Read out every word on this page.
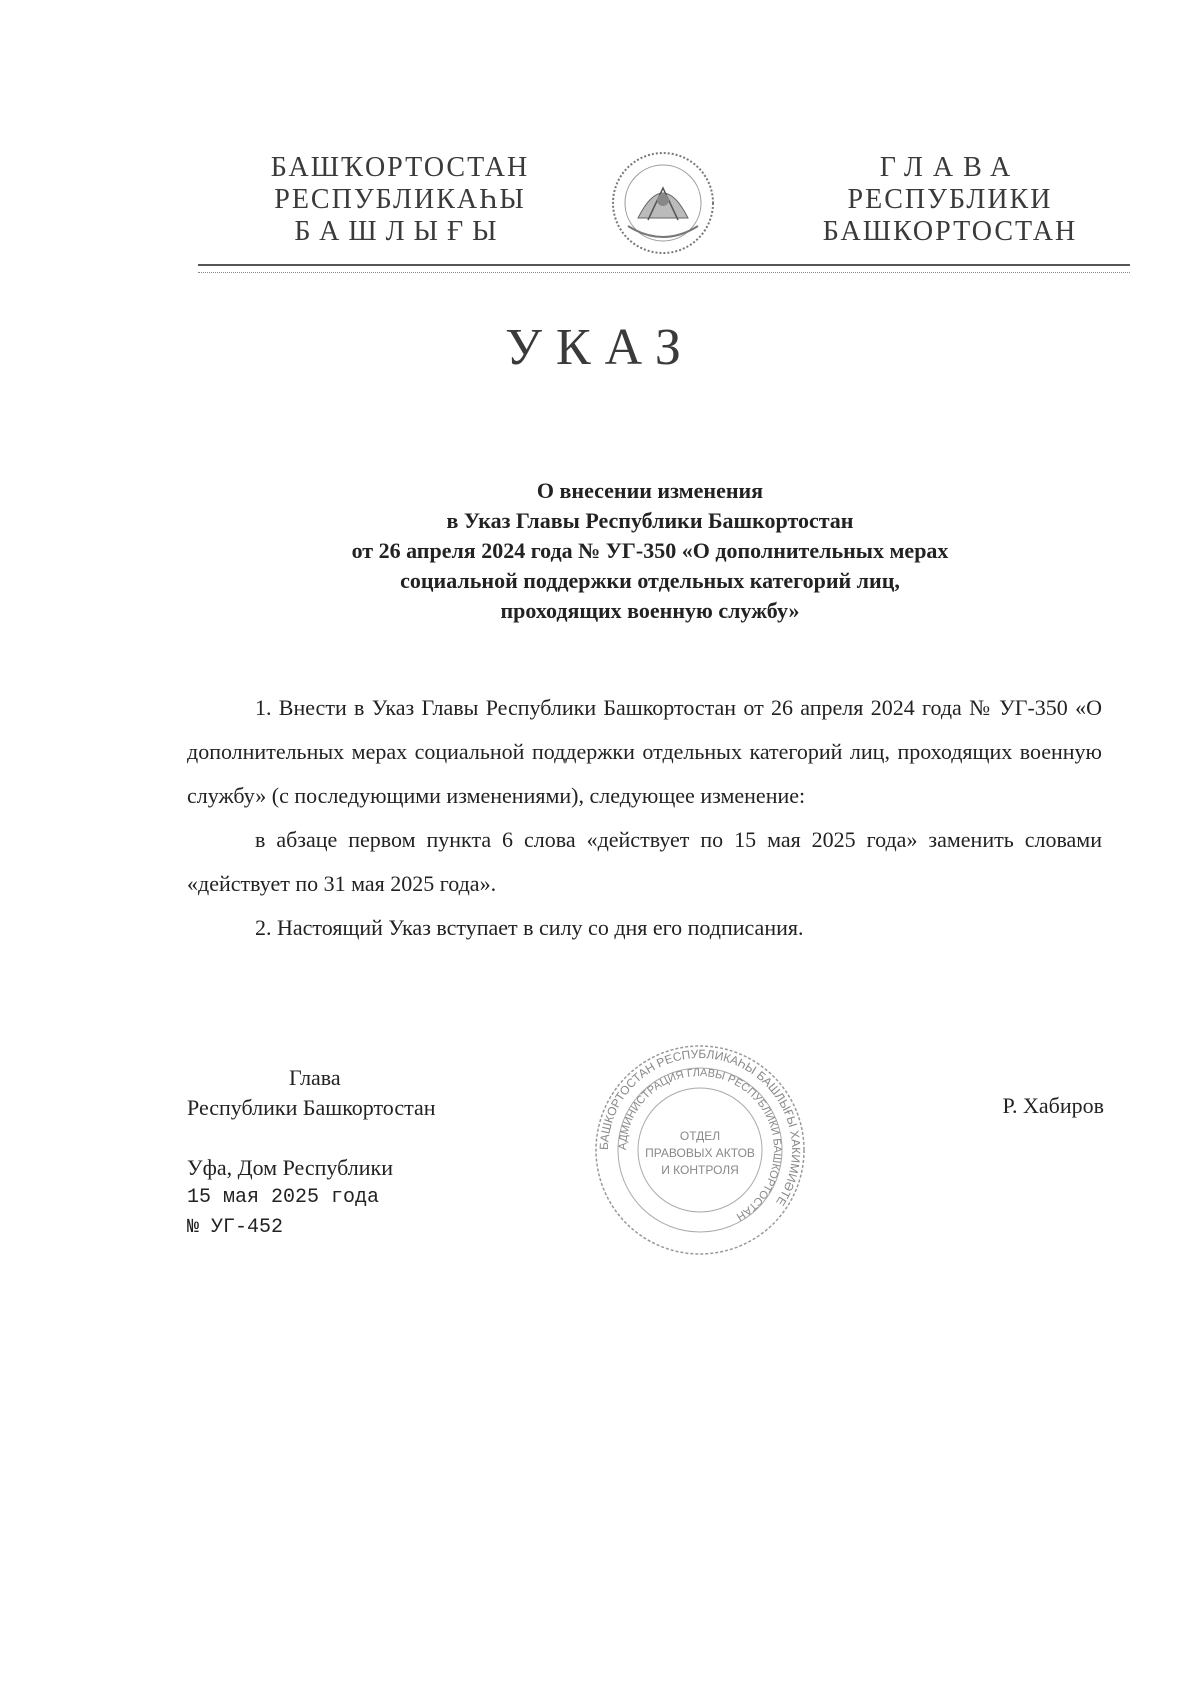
БАШҠОРТОСТАН
РЕСПУБЛИКАҺЫ
БАШЛЫҒЫ
ГЛАВА
РЕСПУБЛИКИ
БАШКОРТОСТАН
УКАЗ
О внесении изменения
в Указ Главы Республики Башкортостан
от 26 апреля 2024 года № УГ-350 «О дополнительных мерах
социальной поддержки отдельных категорий лиц,
проходящих военную службу»

1. Внести в Указ Главы Республики Башкортостан от 26 апреля 2024 года № УГ-350 «О дополнительных мерах социальной поддержки отдельных категорий лиц, проходящих военную службу» (с последующими изменениями), следующее изменение:

в абзаце первом пункта 6 слова «действует по 15 мая 2025 года» заменить словами «действует по 31 мая 2025 года».

2. Настоящий Указ вступает в силу со дня его подписания.

Глава
Республики Башкортостан
БАШКОРТОСТАН РЕСПУБЛИКАҺЫ БАШЛЫҒЫ ХАКИМИӘТЕ
АДМИНИСТРАЦИЯ ГЛАВЫ РЕСПУБЛИКИ БАШКОРТОСТАН
ОТДЕЛ
ПРАВОВЫХ АКТОВ
И КОНТРОЛЯ
Р. Хабиров
Уфа, Дом Республики
15 мая 2025 года
№ УГ-452
